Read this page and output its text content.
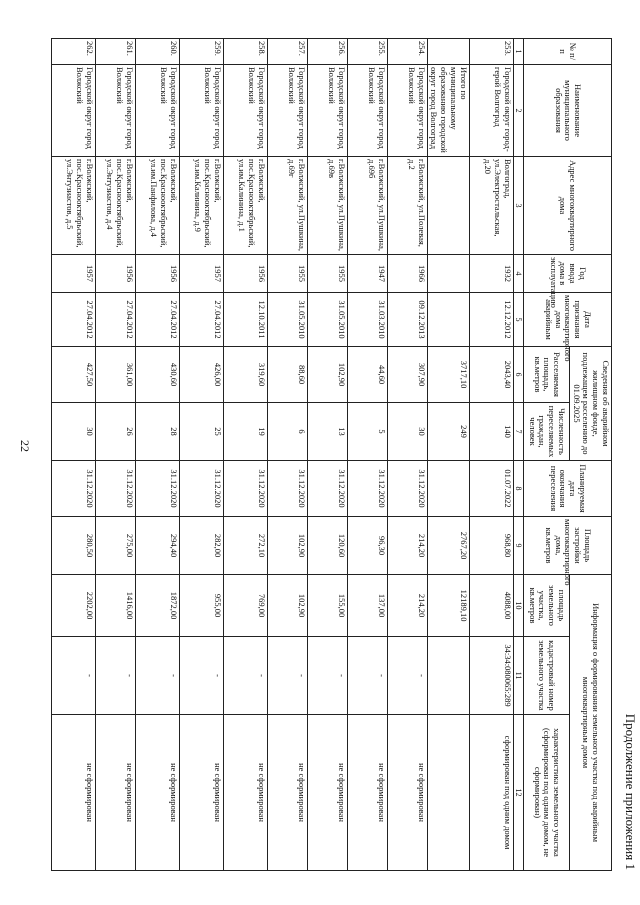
22
Продолжение приложения 1
№ п/п	Наименование муниципального образования	Адрес многоквартирного дома	Год ввода дома в эксплуатацию	Дата признания многоквартирного дома аварийным	Сведения об аварийном жилищном фонде, подлежащем расселению до 01.09.2025		Планируемая дата окончания переселения	Площадь застройки многоквартирного дома, кв.метров	Информация о формировании земельного участка под аварийным многоквартирным домом		
					Расселяемая площадь, кв.метров	Численность переселяемых граждан, человек			площадь земельного участка, кв.метров	кадастровый номер земельного участка	характеристика земельного участка (сформирован под одним домом, не сформирован)
1	2	3	4	5	6	7	8	9	10	11	12
253.	Городской округ город-герой Волгоград	Волгоград, ул.Электростальская, д.20	1932	12.12.2012	2043,40	140	01.07.2022	968,80	4088,00	34:34:080065:289	сформирован под одним домом
	Итого по муниципальному образованию городской округ город Волгоград				3717,10	249		2767,20	12189,10		
254.	Городской округ город Волжский	г.Волжский, ул.Полевая, д.2	1966	09.12.2013	307,90	30	31.12.2020	214,20	214,20	-	не сформирован
255.	Городской округ город Волжский	г.Волжский, ул.Пушкина, д.69б	1947	31.03.2010	44,60	5	31.12.2020	96,30	137,00	-	не сформирован
256.	Городской округ город Волжский	г.Волжский, ул.Пушкина, д.69в	1955	31.05.2010	102,90	13	31.12.2020	120,60	155,00	-	не сформирован
257.	Городской округ город Волжский	г.Волжский, ул.Пушкина, д.69г	1955	31.05.2010	88,60	6	31.12.2020	102,90	102,90	-	не сформирован
258.	Городской округ город Волжский	г.Волжский, пос.Краснооктябрьский, ул.им.Калинина, д.1	1956	12.10.2011	319,60	19	31.12.2020	272,10	769,00	-	не сформирован
259.	Городской округ город Волжский	г.Волжский, пос.Краснооктябрьский, ул.им.Калинина, д.9	1957	27.04.2012	426,00	25	31.12.2020	282,00	955,00	-	не сформирован
260.	Городской округ город Волжский	г.Волжский, пос.Краснооктябрьский, ул.им.Панфилова, д.4	1956	27.04.2012	430,60	28	31.12.2020	294,40	1872,00	-	не сформирован
261.	Городской округ город Волжский	г.Волжский, пос.Краснооктябрьский, ул.Энтузиастов, д.4	1956	27.04.2012	361,00	26	31.12.2020	275,00	1416,00	-	не сформирован
262.	Городской округ город Волжский	г.Волжский, пос.Краснооктябрьский, ул.Энтузиастов, д.5	1957	27.04.2012	427,50	30	31.12.2020	280,50	2202,00	-	не сформирован
